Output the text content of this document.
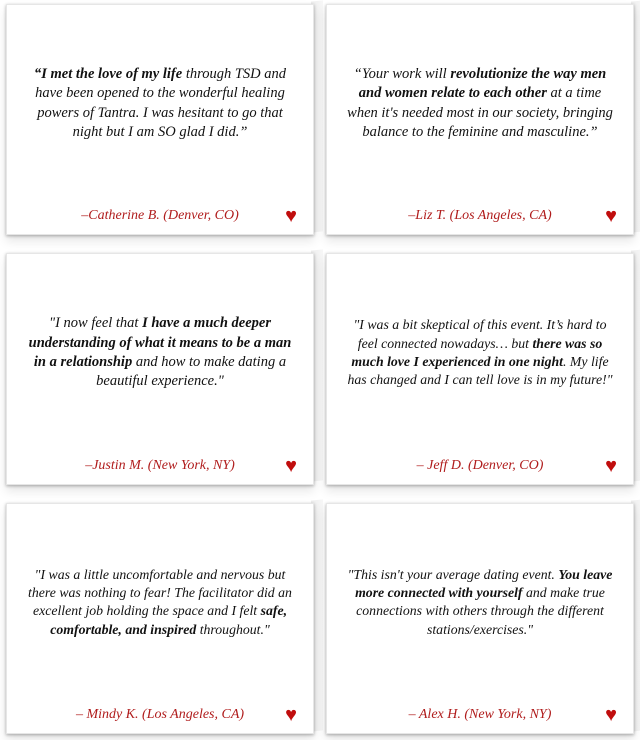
“I met the love of my life through TSD and have been opened to the wonderful healing powers of Tantra. I was hesitant to go that night but I am SO glad I did.”
–Catherine B. (Denver, CO) ♥
“Your work will revolutionize the way men and women relate to each other at a time when it's needed most in our society, bringing balance to the feminine and masculine.”
–Liz T. (Los Angeles, CA)	♥
"I now feel that I have a much deeper understanding of what it means to be a man in a relationship and how to make dating a beautiful experience."
–Justin M. (New York, NY)	♥
"I was a bit skeptical of this event. It’s hard to feel connected nowadays… but there was so much love I experienced in one night. My life has changed and I can tell love is in my future!"
– Jeff D. (Denver, CO)	♥
"I was a little uncomfortable and nervous but there was nothing to fear! The facilitator did an excellent job holding the space and I felt safe, comfortable, and inspired throughout."
– Mindy K. (Los Angeles, CA) ♥
"This isn't your average dating event. You leave more connected with yourself and make true connections with others through the different stations/exercises."
– Alex H. (New York, NY)	♥
